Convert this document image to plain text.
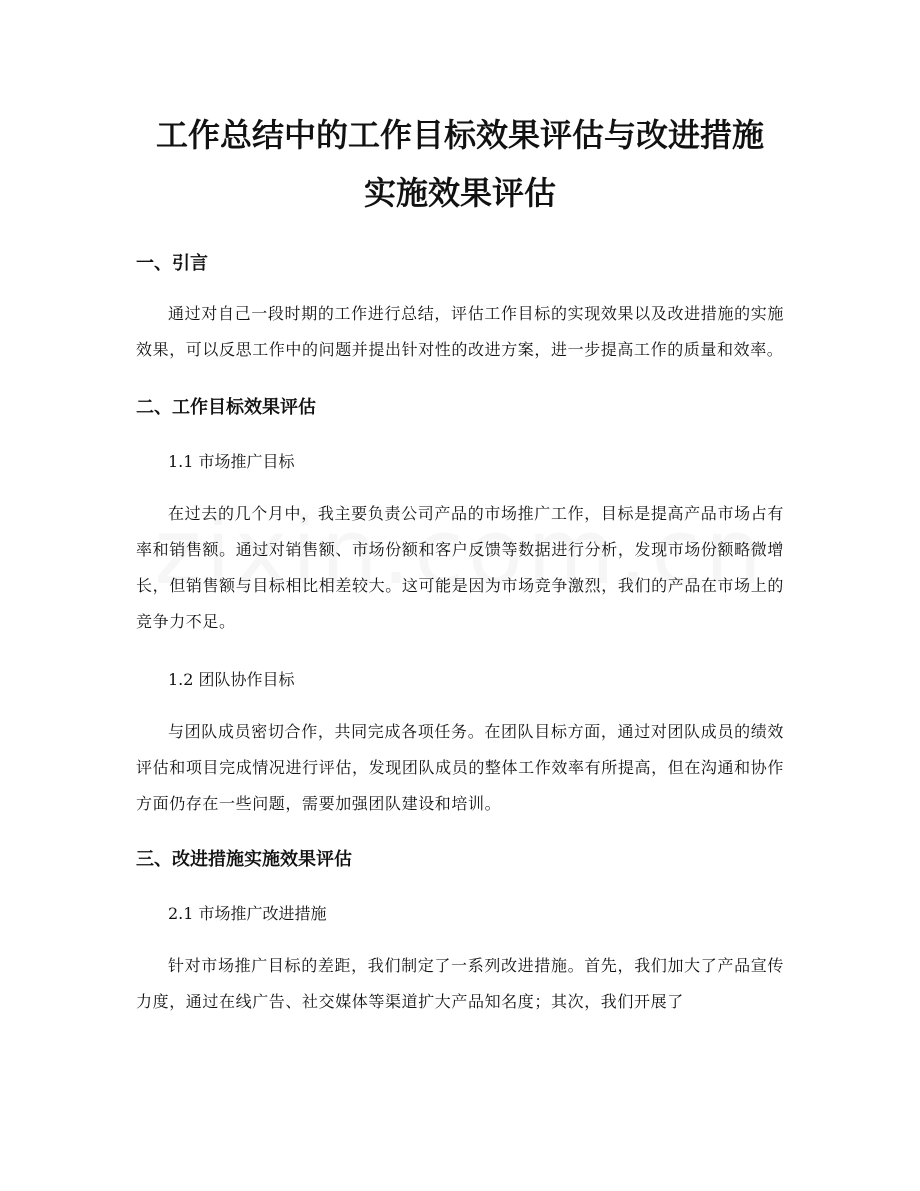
工作总结中的工作目标效果评估与改进措施
实施效果评估
一、引言

通过对自己一段时期的工作进行总结，评估工作目标的实现效果以及改进措施的实施效果，可以反思工作中的问题并提出针对性的改进方案，进一步提高工作的质量和效率。

二、工作目标效果评估
1.1 市场推广目标

在过去的几个月中，我主要负责公司产品的市场推广工作，目标是提高产品市场占有率和销售额。通过对销售额、市场份额和客户反馈等数据进行分析，发现市场份额略微增长，但销售额与目标相比相差较大。这可能是因为市场竞争激烈，我们的产品在市场上的竞争力不足。

1.2 团队协作目标

与团队成员密切合作，共同完成各项任务。在团队目标方面，通过对团队成员的绩效评估和项目完成情况进行评估，发现团队成员的整体工作效率有所提高，但在沟通和协作方面仍存在一些问题，需要加强团队建设和培训。

三、改进措施实施效果评估
2.1 市场推广改进措施

针对市场推广目标的差距，我们制定了一系列改进措施。首先，我们加大了产品宣传力度，通过在线广告、社交媒体等渠道扩大产品知名度；其次，我们开展了
